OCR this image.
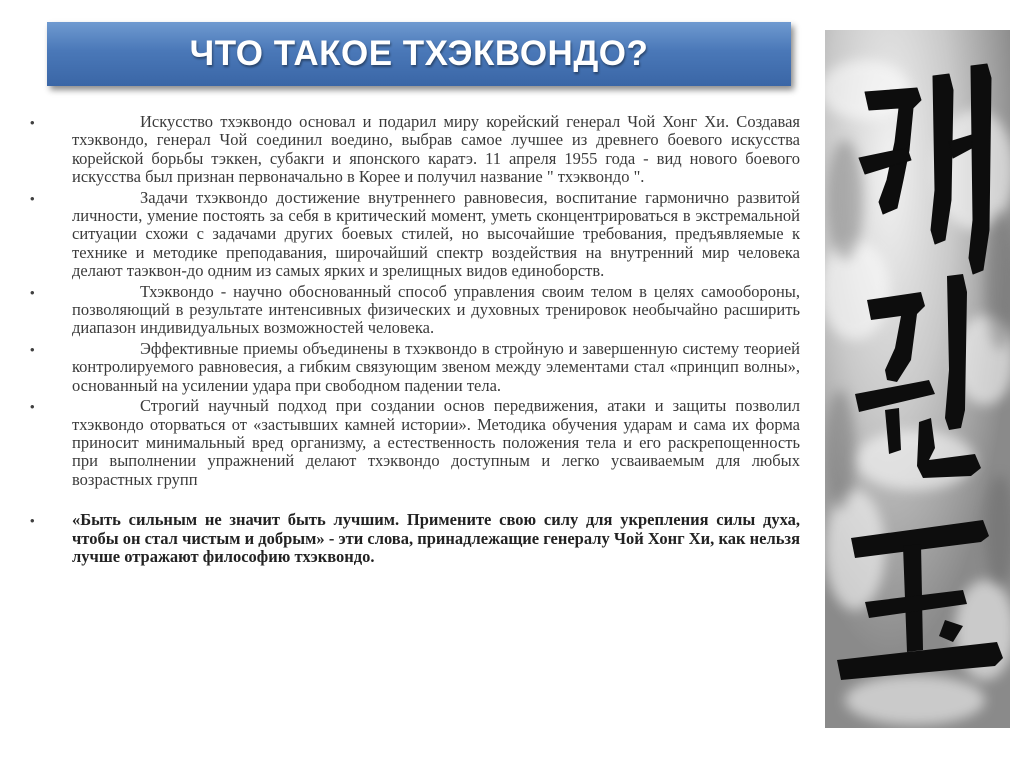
ЧТО ТАКОЕ ТХЭКВОНДО?
•	Искусство тхэквондо основал и подарил миру корейский генерал Чой Хонг Хи. Создавая тхэквондо, генерал Чой соединил воедино, выбрав самое лучшее из древнего боевого искусства корейской борьбы тэккен, субакги и японского каратэ. 11 апреля 1955 года - вид нового боевого искусства был признан первоначально в Корее и получил название " тхэквондо ".
•	Задачи тхэквондо достижение внутреннего равновесия, воспитание гармонично развитой личности, умение постоять за себя в критический момент, уметь сконцентрироваться в экстремальной ситуации схожи с задачами других боевых стилей, но высочайшие требования, предъявляемые к технике и методике преподавания, широчайший спектр воздействия на внутренний мир человека делают таэквон-до одним из самых ярких и зрелищных видов единоборств.
•	Тхэквондо - научно обоснованный способ управления своим телом в целях самообороны, позволяющий в результате интенсивных физических и духовных тренировок необычайно расширить диапазон индивидуальных возможностей человека.
•	Эффективные приемы объединены в тхэквондо в стройную и завершенную систему теорией контролируемого равновесия, а гибким связующим звеном между элементами стал «принцип волны», основанный на усилении удара при свободном падении тела.
•	Строгий научный подход при создании основ передвижения, атаки и защиты позволил тхэквондо оторваться от «застывших камней истории». Методика обучения ударам и сама их форма приносит минимальный вред организму, а естественность положения тела и его раскрепощенность при выполнении упражнений делают тхэквондо доступным и легко усваиваемым для любых возрастных групп
•	«Быть сильным не значит быть лучшим. Примените свою силу для укрепления силы духа, чтобы он стал чистым и добрым» - эти слова, принадлежащие генералу Чой Хонг Хи, как нельзя лучше отражают философию тхэквондо.
